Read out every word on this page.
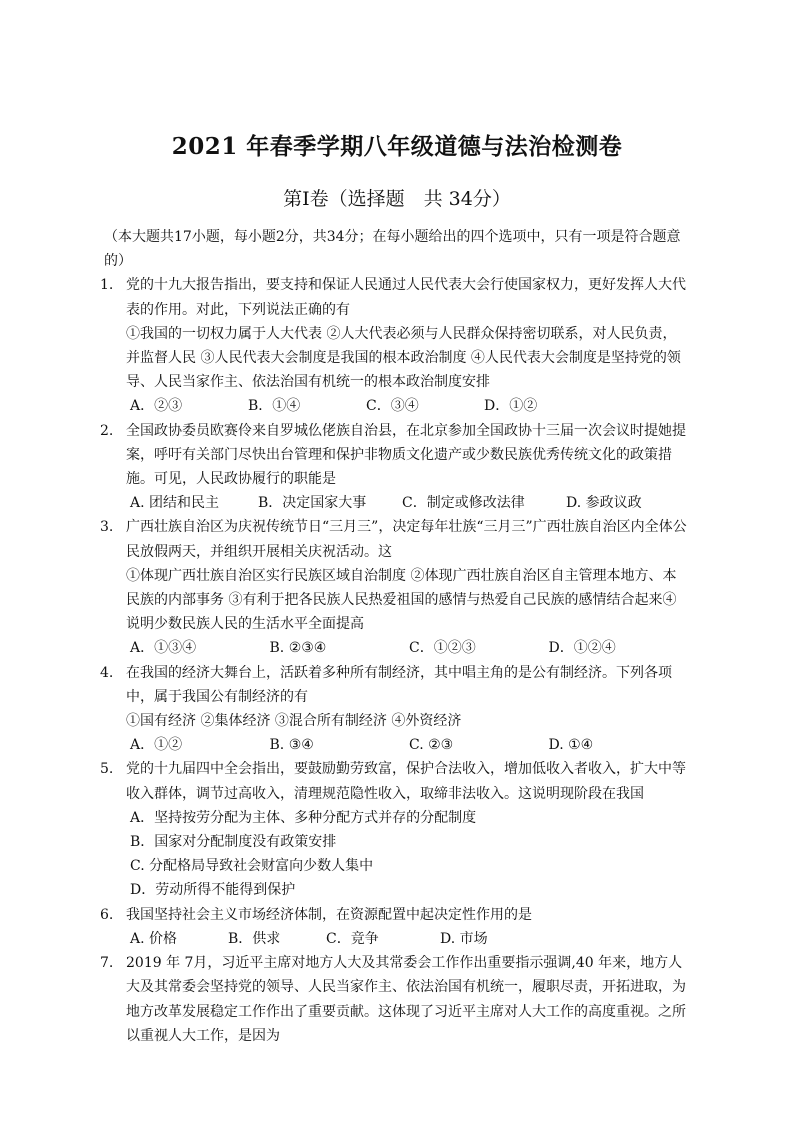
2021 年春季学期八年级道德与法治检测卷
第Ⅰ卷（选择题　共 34分）

（本大题共17小题，每小题2分，共34分；在每小题给出的四个选项中，只有一项是符合题意的）

1. 党的十九大报告指出，要支持和保证人民通过人民代表大会行使国家权力，更好发挥人大代表的作用。对此，下列说法正确的有

①我国的一切权力属于人大代表 ②人大代表必须与人民群众保持密切联系，对人民负责，并监督人民 ③人民代表大会制度是我国的根本政治制度 ④人民代表大会制度是坚持党的领导、人民当家作主、依法治国有机统一的根本政治制度安排

A．②③	B．①④	C．③④	D．①②
2. 全国政协委员欧赛伶来自罗城仫佬族自治县，在北京参加全国政协十三届一次会议时提她提案，呼吁有关部门尽快出台管理和保护非物质文化遗产或少数民族优秀传统文化的政策措施。可见，人民政协履行的职能是

A. 团结和民主	B．决定国家大事	C．制定或修改法律	D. 参政议政
3. 广西壮族自治区为庆祝传统节日“三月三”，决定每年壮族“三月三”广西壮族自治区内全体公民放假两天，并组织开展相关庆祝活动。这

①体现广西壮族自治区实行民族区域自治制度 ②体现广西壮族自治区自主管理本地方、本民族的内部事务 ③有利于把各民族人民热爱祖国的感情与热爱自己民族的感情结合起来④说明少数民族人民的生活水平全面提高

A．①③④	B. ②③④	C．①②③	D．①②④
4. 在我国的经济大舞台上，活跃着多种所有制经济，其中唱主角的是公有制经济。下列各项中，属于我国公有制经济的有

①国有经济 ②集体经济 ③混合所有制经济 ④外资经济

A．①②	B. ③④	C. ②③	D. ①④
5. 党的十九届四中全会指出，要鼓励勤劳致富，保护合法收入，增加低收入者收入，扩大中等收入群体，调节过高收入，清理规范隐性收入，取缔非法收入。这说明现阶段在我国

A．坚持按劳分配为主体、多种分配方式并存的分配制度

B．国家对分配制度没有政策安排

C. 分配格局导致社会财富向少数人集中

D．劳动所得不能得到保护

6. 我国坚持社会主义市场经济体制，在资源配置中起决定性作用的是

A. 价格	B．供求	C．竞争	D. 市场
7. 2019 年 7月，习近平主席对地方人大及其常委会工作作出重要指示强调,40 年来，地方人大及其常委会坚持党的领导、人民当家作主、依法治国有机统一，履职尽责，开拓进取，为地方改革发展稳定工作作出了重要贡献。这体现了习近平主席对人大工作的高度重视。之所以重视人大工作，是因为
